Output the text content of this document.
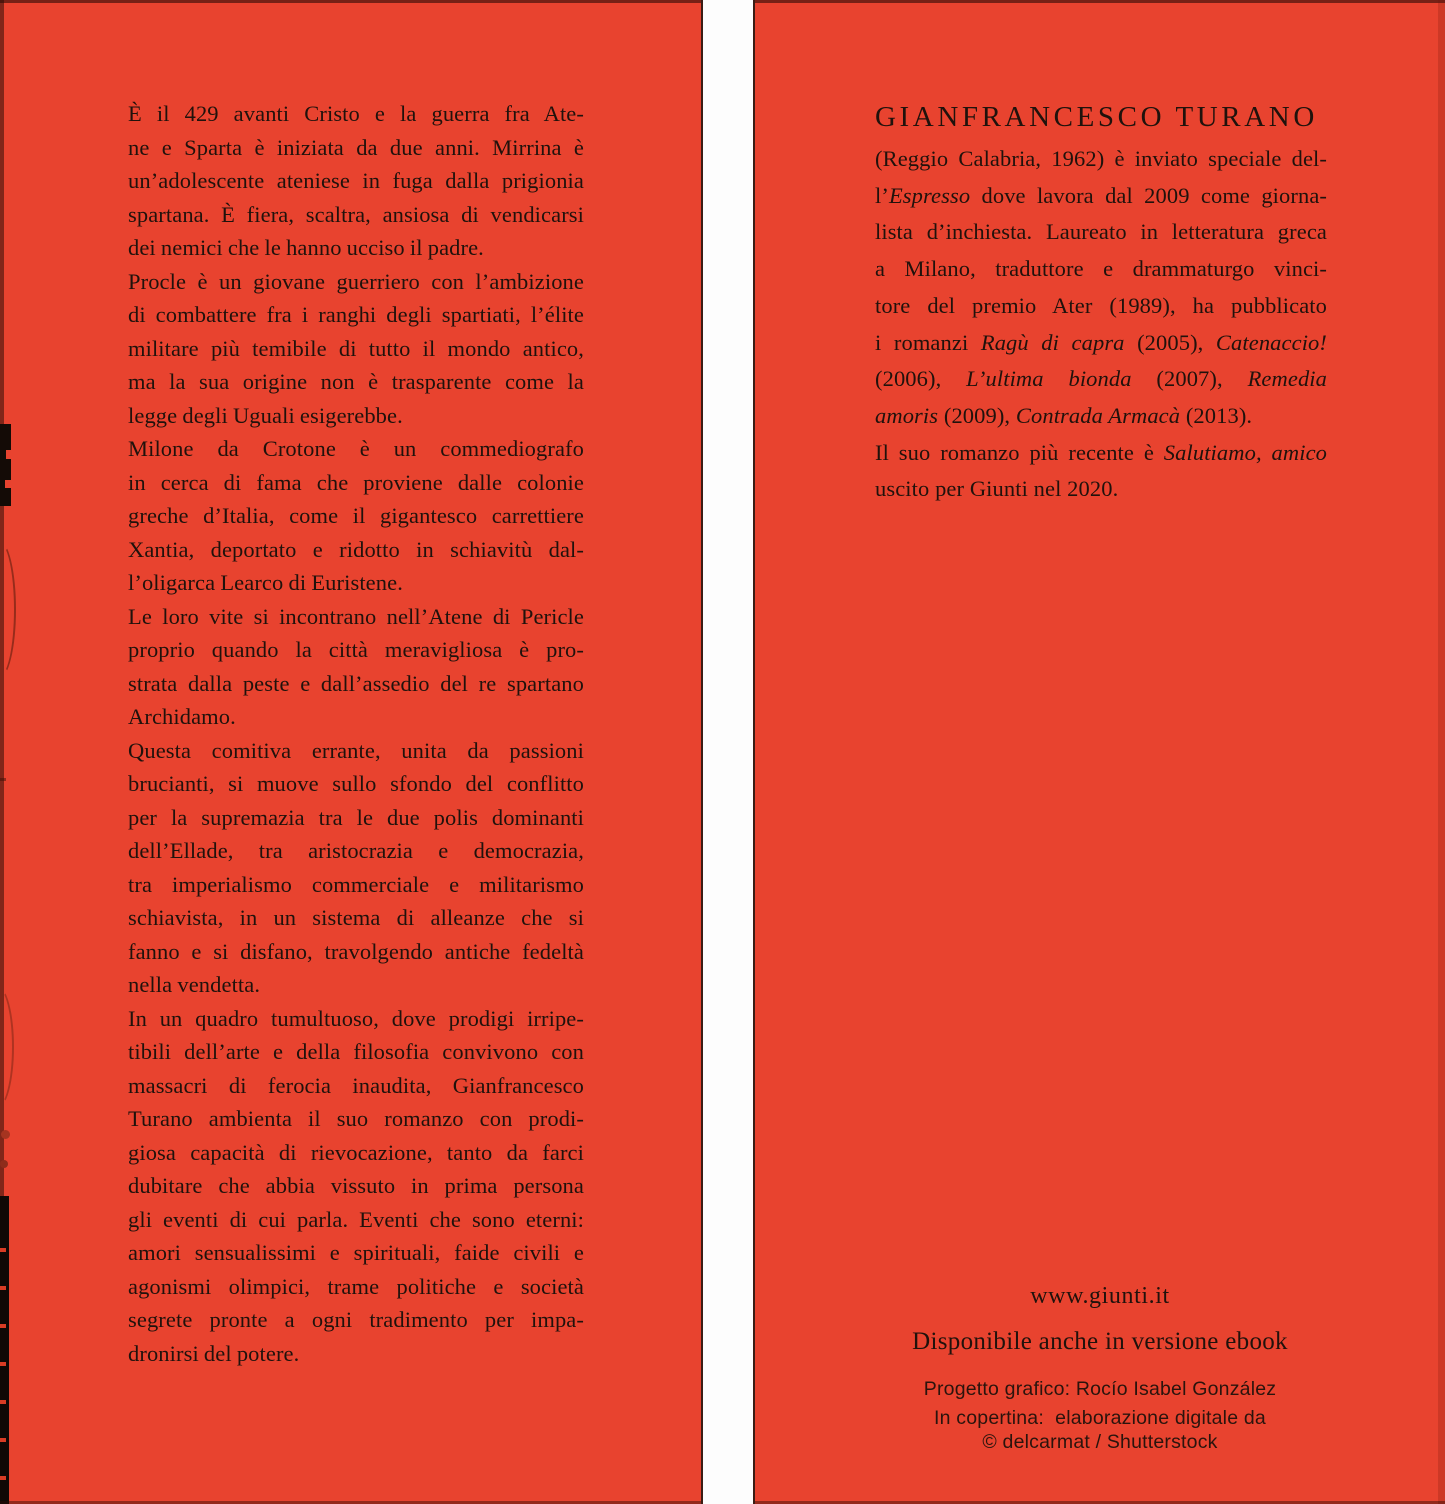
È il 429 avanti Cristo e la guerra fra Ate-
ne e Sparta è iniziata da due anni. Mirrina è
un’adolescente ateniese in fuga dalla prigionia
spartana. È fiera, scaltra, ansiosa di vendicarsi
dei nemici che le hanno ucciso il padre.
Procle è un giovane guerriero con l’ambizione
di combattere fra i ranghi degli spartiati, l’élite
militare più temibile di tutto il mondo antico,
ma la sua origine non è trasparente come la
legge degli Uguali esigerebbe.
Milone da Crotone è un commediografo
in cerca di fama che proviene dalle colonie
greche d’Italia, come il gigantesco carrettiere
Xantia, deportato e ridotto in schiavitù dal-
l’oligarca Learco di Euristene.
Le loro vite si incontrano nell’Atene di Pericle
proprio quando la città meravigliosa è pro-
strata dalla peste e dall’assedio del re spartano
Archidamo.
Questa comitiva errante, unita da passioni
brucianti, si muove sullo sfondo del conflitto
per la supremazia tra le due polis dominanti
dell’Ellade, tra aristocrazia e democrazia,
tra imperialismo commerciale e militarismo
schiavista, in un sistema di alleanze che si
fanno e si disfano, travolgendo antiche fedeltà
nella vendetta.
In un quadro tumultuoso, dove prodigi irripe-
tibili dell’arte e della filosofia convivono con
massacri di ferocia inaudita, Gianfrancesco
Turano ambienta il suo romanzo con prodi-
giosa capacità di rievocazione, tanto da farci
dubitare che abbia vissuto in prima persona
gli eventi di cui parla. Eventi che sono eterni:
amori sensualissimi e spirituali, faide civili e
agonismi olimpici, trame politiche e società
segrete pronte a ogni tradimento per impa-
dronirsi del potere.
GIANFRANCESCO TURANO
(Reggio Calabria, 1962) è inviato speciale del-
l’Espresso dove lavora dal 2009 come giorna-
lista d’inchiesta. Laureato in letteratura greca
a Milano, traduttore e drammaturgo vinci-
tore del premio Ater (1989), ha pubblicato
i romanzi Ragù di capra (2005), Catenaccio!
(2006), L’ultima bionda (2007), Remedia
amoris (2009), Contrada Armacà (2013).
Il suo romanzo più recente è Salutiamo, amico
uscito per Giunti nel 2020.
www.giunti.it
Disponibile anche in versione ebook
Progetto grafico: Rocío Isabel González
In copertina:  elaborazione digitale da
© delcarmat / Shutterstock
